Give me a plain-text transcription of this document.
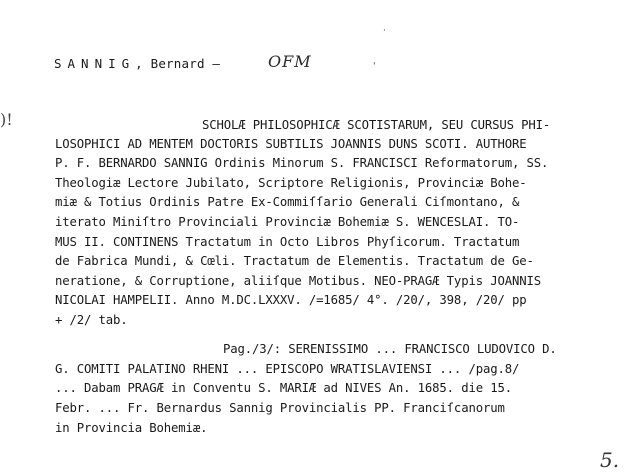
SANNIG, Bernard —	OFM	'
·
)!	SCHOLÆ PHILOSOPHICÆ SCOTISTARUM, SEU CURSUS PHI-
LOSOPHICI AD MENTEM DOCTORIS SUBTILIS JOANNIS DUNS SCOTI. AUTHORE
P. F. BERNARDO SANNIG Ordinis Minorum S. FRANCISCI Reformatorum, SS.
Theologiæ Lectore Jubilato, Scriptore Religionis, Provinciæ Bohe-
miæ & Totius Ordinis Patre Ex-Commiſſario Generali Ciſmontano, &
iterato Miniſtro Provinciali Provinciæ Bohemiæ S. WENCESLAI. TO-
MUS II. CONTINENS Tractatum in Octo Libros Phyſicorum. Tractatum
de Fabrica Mundi, & Cœli. Tractatum de Elementis. Tractatum de Ge-
neratione, & Corruptione, aliiſque Motibus. NEO-PRAGÆ Typis JOANNIS
NICOLAI HAMPELII. Anno M.DC.LXXXV. /=1685/ 4°. /20/, 398, /20/ pp
+ /2/ tab.
Pag./3/: SERENISSIMO ... FRANCISCO LUDOVICO D.
G. COMITI PALATINO RHENI ... EPISCOPO WRATISLAVIENSI ... /pag.8/
... Dabam PRAGÆ in Conventu S. MARIÆ ad NIVES An. 1685. die 15.
Febr. ... Fr. Bernardus Sannig Provincialis PP. Franciſcanorum
in Provincia Bohemiæ.
5.
